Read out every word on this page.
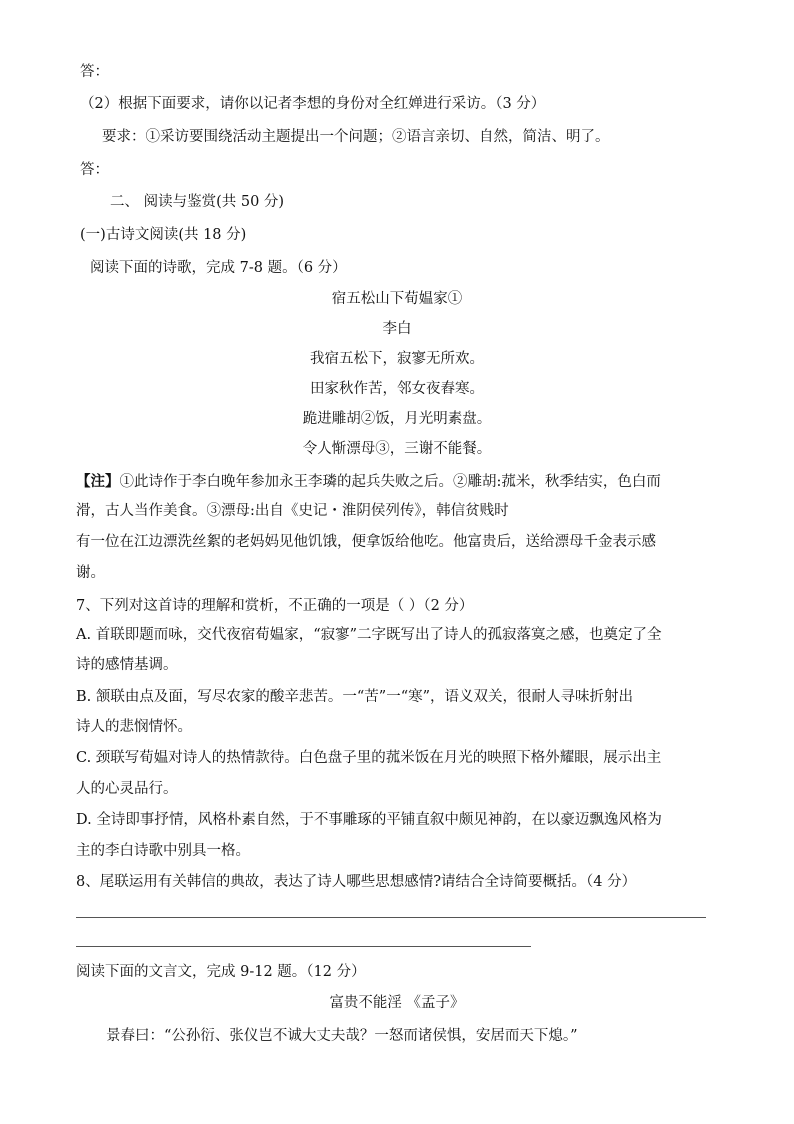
答：
（2）根据下面要求，请你以记者李想的身份对全红婵进行采访。（3 分）
要求：①采访要围绕活动主题提出一个问题；②语言亲切、自然，简洁、明了。
答：
二、 阅读与鉴赏(共 50 分)
(一)古诗文阅读(共 18 分)
阅读下面的诗歌，完成 7-8 题。（6 分）
宿五松山下荀媪家①
李白
我宿五松下，寂寥无所欢。
田家秋作苦，邻女夜舂寒。
跪进雕胡②饭，月光明素盘。
令人惭漂母③，三谢不能餐。
【注】①此诗作于李白晚年参加永王李璘的起兵失败之后。②雕胡:菰米，秋季结实，色白而
滑，古人当作美食。③漂母:出自《史记・淮阴侯列传》，韩信贫贱时
有一位在江边漂洗丝絮的老妈妈见他饥饿，便拿饭给他吃。他富贵后，送给漂母千金表示感
谢。
7、下列对这首诗的理解和赏析，不正确的一项是（ ）（2 分）
A. 首联即题而咏，交代夜宿荀媪家，“寂寥”二字既写出了诗人的孤寂落寞之感，也奠定了全
诗的感情基调。
B. 颔联由点及面，写尽农家的酸辛悲苦。一“苦”一“寒”，语义双关，很耐人寻味折射出
诗人的悲悯情怀。
C. 颈联写荀媪对诗人的热情款待。白色盘子里的菰米饭在月光的映照下格外耀眼，展示出主
人的心灵品行。
D. 全诗即事抒情，风格朴素自然，于不事雕琢的平铺直叙中颇见神韵，在以豪迈飘逸风格为
主的李白诗歌中别具一格。
8、尾联运用有关韩信的典故，表达了诗人哪些思想感情?请结合全诗简要概括。（4 分）
阅读下面的文言文，完成 9-12 题。（12 分）
富贵不能淫 《孟子》
景春曰：“公孙衍、张仪岂不诚大丈夫哉？一怒而诸侯惧，安居而天下熄。”
